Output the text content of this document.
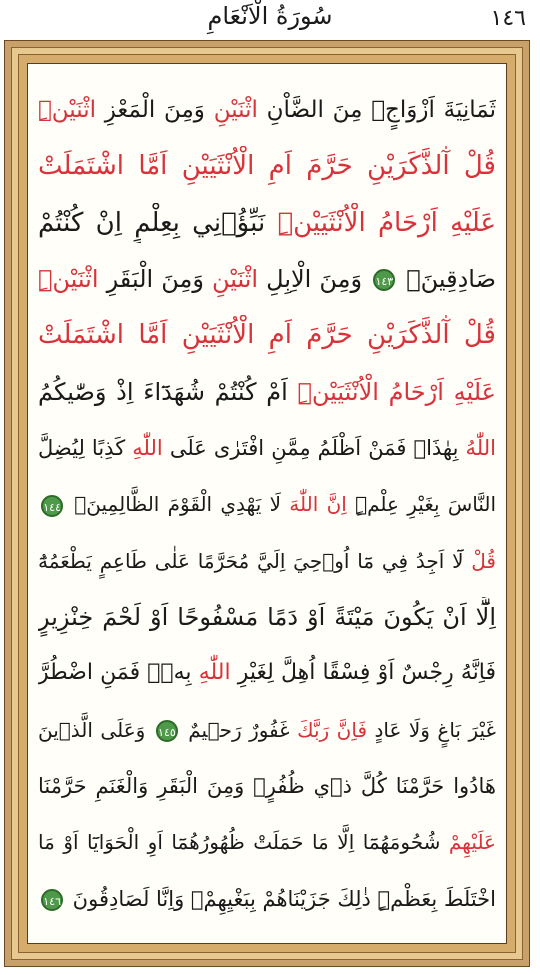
سُورَةُ الْاَنْعَامِ	١٤٦
ثَمَانِيَةَ اَزْوَاجٍۚ مِنَ الضَّاْنِ اثْنَيْنِ وَمِنَ الْمَعْزِ اثْنَيْنِۜ
قُلْ آٰلذَّكَرَيْنِ حَرَّمَ اَمِ الْاُنْثَيَيْنِ اَمَّا اشْتَمَلَتْ
عَلَيْهِ اَرْحَامُ الْاُنْثَيَيْنِۜ نَبِّؤُ۫نِي بِعِلْمٍ اِنْ كُنْتُمْ
صَادِقِينَۙ ١٤٣ وَمِنَ الْاِبِلِ اثْنَيْنِ وَمِنَ الْبَقَرِ اثْنَيْنِۜ
قُلْ آٰلذَّكَرَيْنِ حَرَّمَ اَمِ الْاُنْثَيَيْنِ اَمَّا اشْتَمَلَتْ
عَلَيْهِ اَرْحَامُ الْاُنْثَيَيْنِۜ اَمْ كُنْتُمْ شُهَدَٓاءَ اِذْ وَصّٰيكُمُ
اللّٰهُ بِهٰذَاۚ فَمَنْ اَظْلَمُ مِمَّنِ افْتَرٰى عَلَى اللّٰهِ كَذِبًا لِيُضِلَّ
النَّاسَ بِغَيْرِ عِلْمٍۜ اِنَّ اللّٰهَ لَا يَهْدِي الْقَوْمَ الظَّالِمِينَ۟ ١٤٤
قُلْ لَٓا اَجِدُ فِي مَٓا اُو۫حِيَ اِلَيَّ مُحَرَّمًا عَلٰى طَاعِمٍ يَطْعَمُهُٓ
اِلَّٓا اَنْ يَكُونَ مَيْتَةً اَوْ دَمًا مَسْفُوحًا اَوْ لَحْمَ خِنْزِيرٍ
فَاِنَّهُ رِجْسٌ اَوْ فِسْقًا اُهِلَّ لِغَيْرِ اللّٰهِ بِهٖۚ فَمَنِ اضْطُرَّ
غَيْرَ بَاغٍ وَلَا عَادٍ فَاِنَّ رَبَّكَ غَفُورٌ رَح۪يمٌ ١٤٥ وَعَلَى الَّذ۪ينَ
هَادُوا حَرَّمْنَا كُلَّ ذ۪ي ظُفُرٍۚ وَمِنَ الْبَقَرِ وَالْغَنَمِ حَرَّمْنَا
عَلَيْهِمْ شُحُومَهُمَٓا اِلَّا مَا حَمَلَتْ ظُهُورُهُمَٓا اَوِ الْحَوَايَٓا اَوْ مَا
اخْتَلَطَ بِعَظْمٍۜ ذٰلِكَ جَزَيْنَاهُمْ بِبَغْيِهِمْۘ وَاِنَّا لَصَادِقُونَ ١٤٦
